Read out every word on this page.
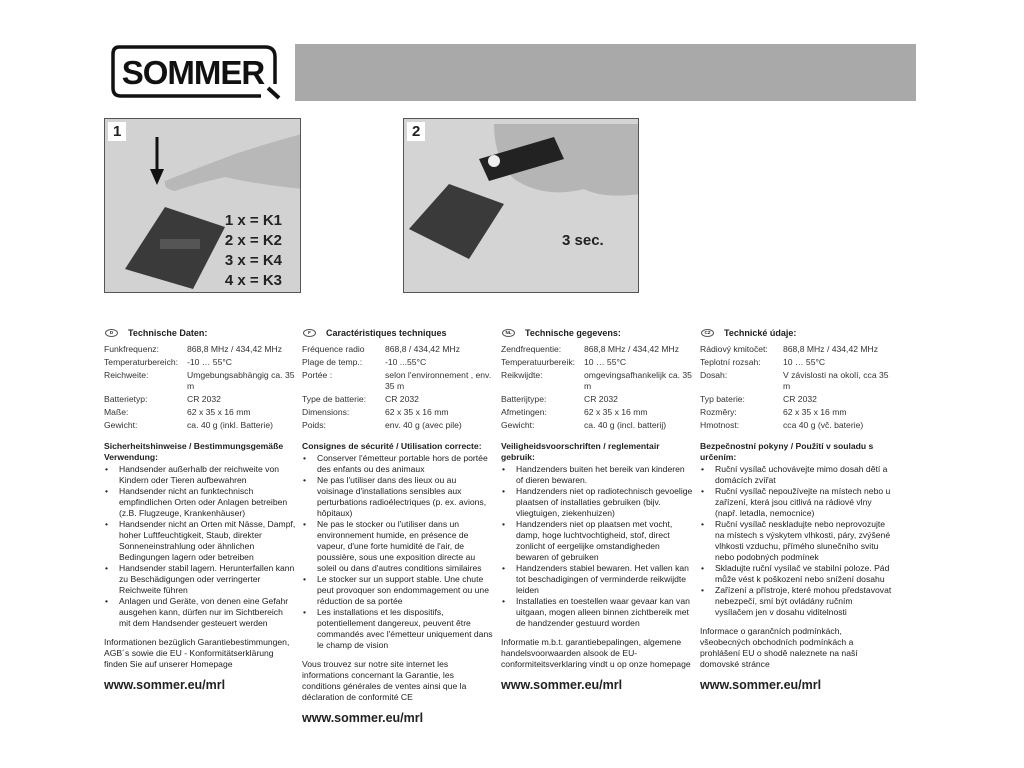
SOMMER
1
1 x = K1
2 x = K2
3 x = K4
4 x = K3
2
3 sec.
D	Technische Daten:
Funkfrequenz:	868,8 MHz / 434,42 MHz
Temperaturbereich:	-10 … 55°C
Reichweite:	Umgebungsabhängig ca. 35 m
Batterietyp:	CR 2032
Maße:	62 x 35 x 16 mm
Gewicht:	ca. 40 g (inkl. Batterie)
Sicherheitshinweise / Bestimmungsgemäße Verwendung:
• Handsender außerhalb der reichweite von Kindern oder Tieren aufbewahren
• Handsender nicht an funktechnisch empfindlichen Orten oder Anlagen betreiben (z.B. Flugzeuge, Krankenhäuser)
• Handsender nicht an Orten mit Nässe, Dampf, hoher Luftfeuchtigkeit, Staub, direkter Sonneneinstrahlung oder ähnlichen Bedingungen lagern oder betreiben
• Handsender stabil lagern. Herunterfallen kann zu Beschädigungen oder verringerter Reichweite führen
• Anlagen und Geräte, von denen eine Gefahr ausgehen kann, dürfen nur im Sichtbereich mit dem Handsender gesteuert werden
Informationen bezüglich Garantiebestimmungen, AGB´s sowie die EU - Konformitätserklärung finden Sie auf unserer Homepage
www.sommer.eu/mrl
F	Caractéristiques techniques
Fréquence radio	868,8 / 434,42 MHz
Plage de temp.:	-10 ...55°C
Portée :	selon l'environnement , env. 35 m
Type de batterie:	CR 2032
Dimensions:	62 x 35 x 16 mm
Poids:	env. 40 g (avec pile)
Consignes de sécurité / Utilisation correcte:
• Conserver l'émetteur portable hors de portée des enfants ou des animaux
• Ne pas l'utiliser dans des lieux ou au voisinage d'installations sensibles aux perturbations radioélectriques (p. ex. avions, hôpitaux)
• Ne pas le stocker ou l'utiliser dans un environnement humide, en présence de vapeur, d'une forte humidité de l'air, de poussière, sous une exposition directe au soleil ou dans d'autres conditions similaires
• Le stocker sur un support stable. Une chute peut provoquer son endommagement ou une réduction de sa portée
• Les installations et les dispositifs, potentiellement dangereux, peuvent être commandés avec l'émetteur uniquement dans le champ de vision
Vous trouvez sur notre site internet les informations concernant la Garantie, les conditions générales de ventes ainsi que la déclaration de conformité CE
www.sommer.eu/mrl
NL	Technische gegevens:
Zendfrequentie:	868,8 MHz / 434,42 MHz
Temperatuurbereik:	10 … 55°C
Reikwijdte:	omgevingsafhankelijk ca. 35 m
Batterijtype:	CR 2032
Afmetingen:	62 x 35 x 16 mm
Gewicht:	ca. 40 g (incl. batterij)
Veiligheidsvoorschriften / reglementair gebruik:
• Handzenders buiten het bereik van kinderen of dieren bewaren.
• Handzenders niet op radiotechnisch gevoelige plaatsen of installaties gebruiken (bijv. vliegtuigen, ziekenhuizen)
• Handzenders niet op plaatsen met vocht, damp, hoge luchtvochtigheid, stof, direct zonlicht of eergelijke omstandigheden bewaren of gebruiken
• Handzenders stabiel bewaren. Het vallen kan tot beschadigingen of verminderde reikwijdte leiden
• Installaties en toestellen waar gevaar kan van uitgaan, mogen alleen binnen zichtbereik met de handzender gestuurd worden
Informatie m.b.t. garantiebepalingen, algemene handelsvoorwaarden alsook de EU-conformiteitsverklaring vindt u op onze homepage
www.sommer.eu/mrl
CZ	Technické údaje:
Rádiový kmitočet:	868,8 MHz / 434,42 MHz
Teplotní rozsah:	10 … 55°C
Dosah:	V závislosti na okolí, cca 35 m
Typ baterie:	CR 2032
Rozměry:	62 x 35 x 16 mm
Hmotnost:	cca 40 g (vč. baterie)
Bezpečnostní pokyny / Použití v souladu s určením:
• Ruční vysílač uchovávejte mimo dosah dětí a domácích zvířat
• Ruční vysílač nepoužívejte na místech nebo u zařízení, která jsou citlivá na rádiové vlny (např. letadla, nemocnice)
• Ruční vysílač neskladujte nebo neprovozujte na místech s výskytem vlhkosti, páry, zvýšené vlhkosti vzduchu, přímého slunečního svitu nebo podobných podmínek
• Skladujte ruční vysílač ve stabilní poloze. Pád může vést k poškození nebo snížení dosahu
• Zařízení a přístroje, které mohou představovat nebezpečí, smí být ovládány ručním vysílačem jen v dosahu viditelnosti
Informace o garančních podmínkách, všeobecných obchodních podmínkách a prohlášení EU o shodě naleznete na naší domovské stránce
www.sommer.eu/mrl
